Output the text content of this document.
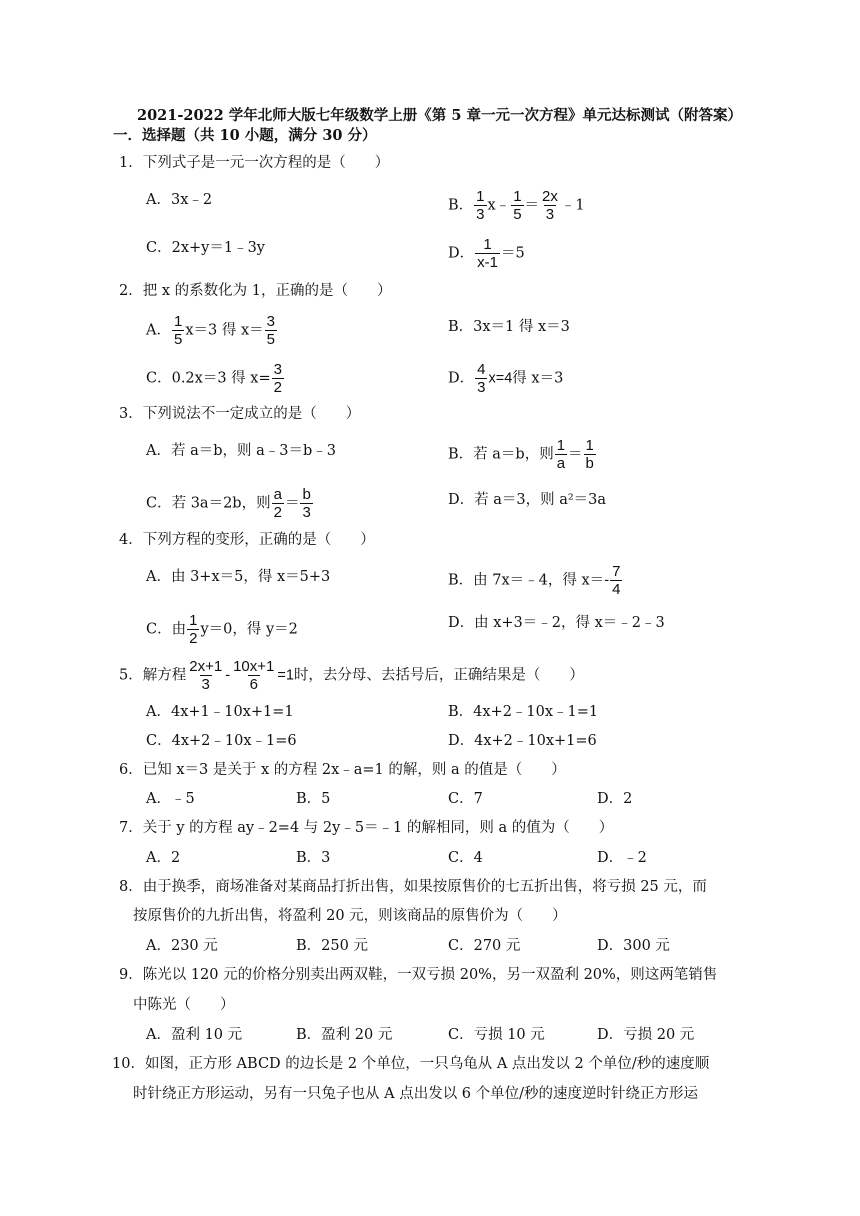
2021-2022 学年北师大版七年级数学上册《第 5 章一元一次方程》单元达标测试（附答案）
一．选择题（共 10 小题，满分 30 分）
1．下列式子是一元一次方程的是（　　）
A．3x﹣2	B． $\frac{1}{3}$ x﹣ $\frac{1}{5} = \frac{2x}{3}$ ﹣1
C．2x+y＝1﹣3y	D． $\frac{1}{x-1} =5$
2．把 x 的系数化为 1，正确的是（　　）
A． $\frac{1}{5} x=3$ 得 $x= \frac{3}{5}$	B．3x＝1 得 x＝3
C．0.2x＝3 得 $x= \frac{3}{2}$	D． $\frac{4}{3} x=4$得 x＝3
3．下列说法不一定成立的是（　　）
A．若 a＝b，则 a﹣3＝b﹣3	B．若 a＝b，则 $\frac{1}{a} = \frac{1}{b}$
C．若 3a＝2b，则 $\frac{a}{2} = \frac{b}{3}$	D．若 a＝3，则 a²＝3a
4．下列方程的变形，正确的是（　　）
A．由 3+x＝5，得 x＝5+3	B．由 7x＝﹣4，得 $x=- \frac{7}{4}$
C．由 $\frac{1}{2} y=0$，得 y＝2	D．由 x+3＝﹣2，得 x＝﹣2﹣3
5．解方程 $\frac{2x+1}{3} - \frac{10x+1}{6} =1$时，去分母、去括号后，正确结果是（　　）
A．4x+1﹣10x+1=1	B．4x+2﹣10x﹣1=1
C．4x+2﹣10x﹣1=6	D．4x+2﹣10x+1=6
6．已知 x＝3 是关于 x 的方程 2x﹣a=1 的解，则 a 的值是（　　）
A．﹣5	B．5	C．7	D．2
7．关于 y 的方程 ay﹣2=4 与 2y﹣5＝﹣1 的解相同，则 a 的值为（　　）
A．2	B．3	C．4	D．﹣2
8．由于换季，商场准备对某商品打折出售，如果按原售价的七五折出售，将亏损 25 元，而
按原售价的九折出售，将盈利 20 元，则该商品的原售价为（　　）
A．230 元	B．250 元	C．270 元	D．300 元
9．陈光以 120 元的价格分别卖出两双鞋，一双亏损 20%，另一双盈利 20%，则这两笔销售
中陈光（　　）
A．盈利 10 元	B．盈利 20 元	C．亏损 10 元	D．亏损 20 元
10．如图，正方形 ABCD 的边长是 2 个单位，一只乌龟从 A 点出发以 2 个单位/秒的速度顺
时针绕正方形运动，另有一只兔子也从 A 点出发以 6 个单位/秒的速度逆时针绕正方形运
